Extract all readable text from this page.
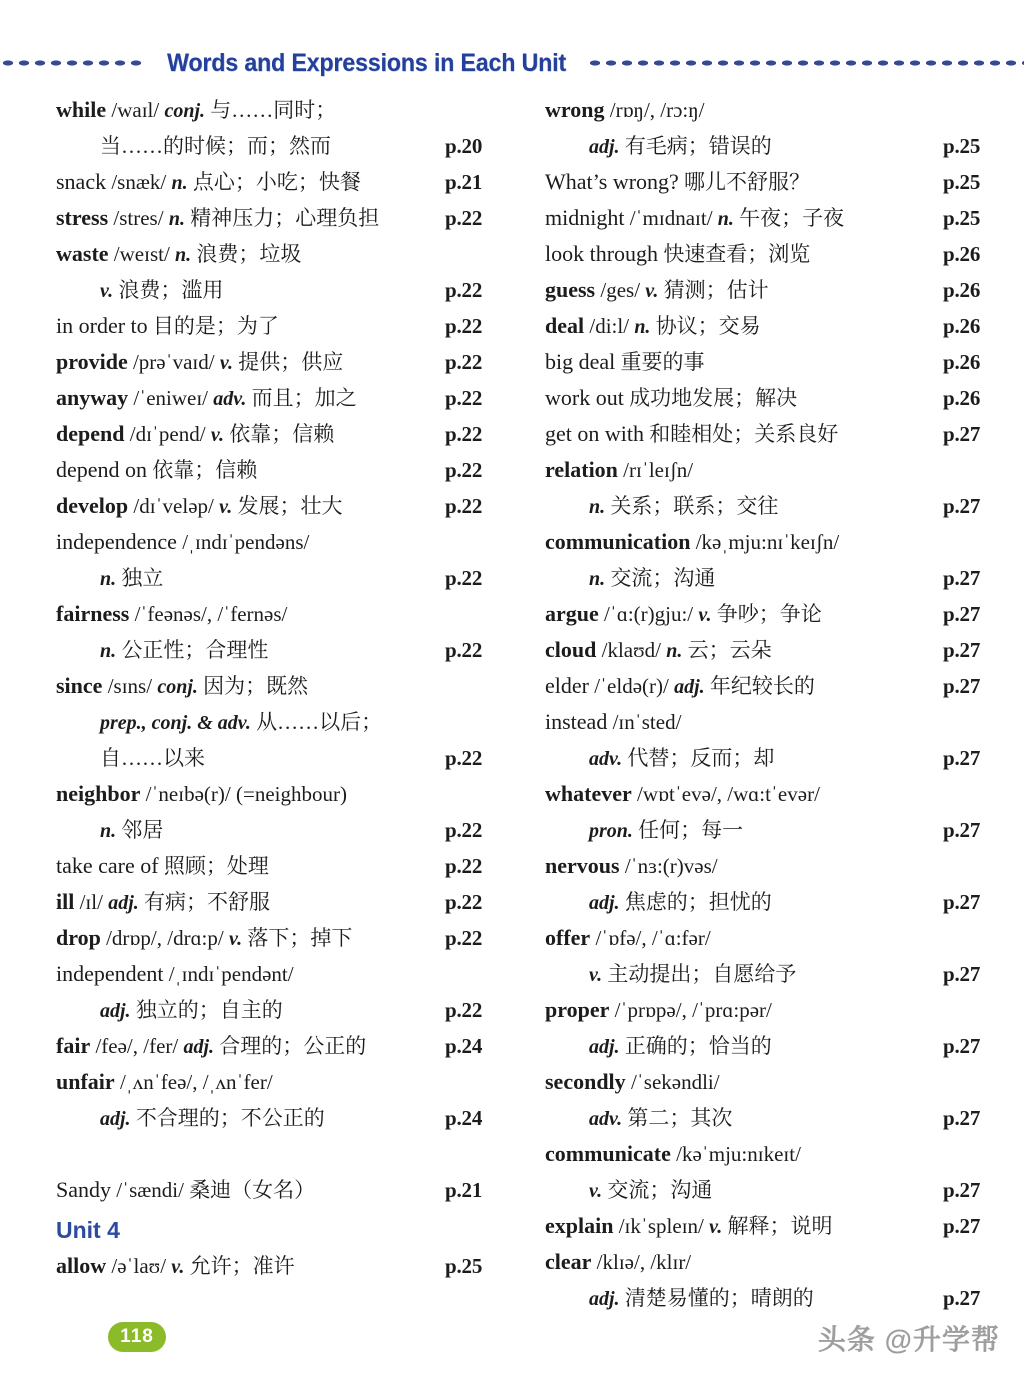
Words and Expressions in Each Unit
while /waɪl/ conj. 与……同时；
当……的时候；而；然而	p.20
snack /snæk/ n. 点心；小吃；快餐	p.21
stress /stres/ n. 精神压力；心理负担	p.22
waste /weɪst/ n. 浪费；垃圾
v. 浪费；滥用	p.22
in order to 目的是；为了	p.22
provide /prəˈvaɪd/ v. 提供；供应	p.22
anyway /ˈeniweɪ/ adv. 而且；加之	p.22
depend /dɪˈpend/ v. 依靠；信赖	p.22
depend on 依靠；信赖	p.22
develop /dɪˈveləp/ v. 发展；壮大	p.22
independence /ˌɪndɪˈpendəns/
n. 独立	p.22
fairness /ˈfeənəs/, /ˈfernəs/
n. 公正性；合理性	p.22
since /sɪns/ conj. 因为；既然
prep., conj. & adv. 从……以后；
自……以来	p.22
neighbor /ˈneɪbə(r)/ (=neighbour)
n. 邻居	p.22
take care of 照顾；处理	p.22
ill /ɪl/ adj. 有病；不舒服	p.22
drop /drɒp/, /drɑ:p/ v. 落下；掉下	p.22
independent /ˌɪndɪˈpendənt/
adj. 独立的；自主的	p.22
fair /feə/, /fer/ adj. 合理的；公正的	p.24
unfair /ˌʌnˈfeə/, /ˌʌnˈfer/
adj. 不合理的；不公正的	p.24
Sandy /ˈsændi/ 桑迪（女名）	p.21
Unit 4
allow /əˈlaʊ/ v. 允许；准许	p.25
wrong /rɒŋ/, /rɔ:ŋ/
adj. 有毛病；错误的	p.25
What’s wrong? 哪儿不舒服？	p.25
midnight /ˈmɪdnaɪt/ n. 午夜；子夜	p.25
look through 快速查看；浏览	p.26
guess /ges/ v. 猜测；估计	p.26
deal /di:l/ n. 协议；交易	p.26
big deal 重要的事	p.26
work out 成功地发展；解决	p.26
get on with 和睦相处；关系良好	p.27
relation /rɪˈleɪʃn/
n. 关系；联系；交往	p.27
communication /kəˌmju:nɪˈkeɪʃn/
n. 交流；沟通	p.27
argue /ˈɑ:(r)gju:/ v. 争吵；争论	p.27
cloud /klaʊd/ n. 云；云朵	p.27
elder /ˈeldə(r)/ adj. 年纪较长的	p.27
instead /ɪnˈsted/
adv. 代替；反而；却	p.27
whatever /wɒtˈevə/, /wɑ:tˈevər/
pron. 任何；每一	p.27
nervous /ˈnɜ:(r)vəs/
adj. 焦虑的；担忧的	p.27
offer /ˈɒfə/, /ˈɑ:fər/
v. 主动提出；自愿给予	p.27
proper /ˈprɒpə/, /ˈprɑ:pər/
adj. 正确的；恰当的	p.27
secondly /ˈsekəndli/
adv. 第二；其次	p.27
communicate /kəˈmju:nɪkeɪt/
v. 交流；沟通	p.27
explain /ɪkˈspleɪn/ v. 解释；说明	p.27
clear /klɪə/, /klɪr/
adj. 清楚易懂的；晴朗的	p.27
118	头条 @升学帮
